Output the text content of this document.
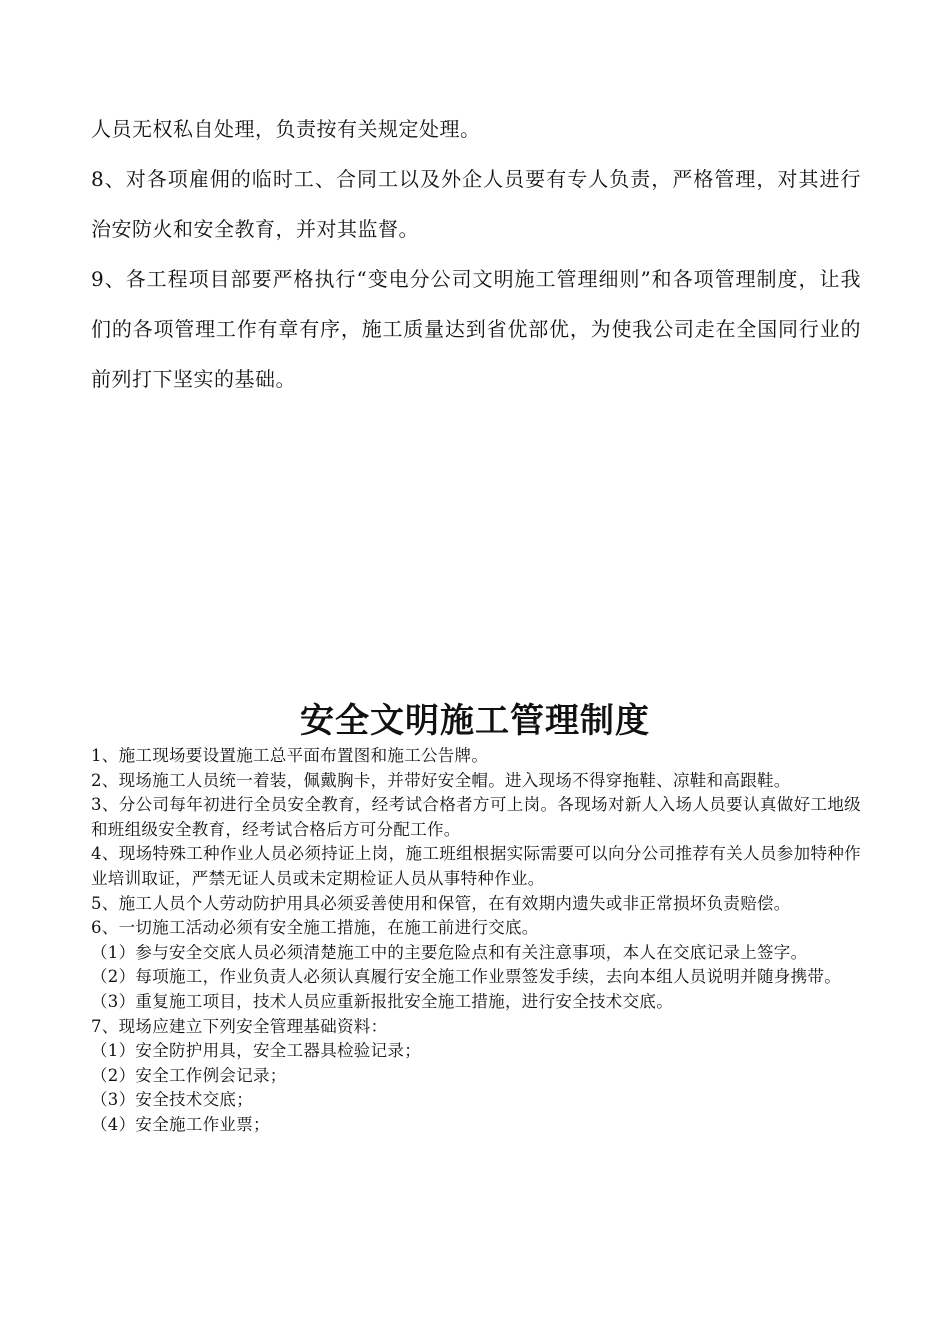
人员无权私自处理，负责按有关规定处理。

8、对各项雇佣的临时工、合同工以及外企人员要有专人负责，严格管理，对其进行治安防火和安全教育，并对其监督。

9、各工程项目部要严格执行“变电分公司文明施工管理细则”和各项管理制度，让我们的各项管理工作有章有序，施工质量达到省优部优，为使我公司走在全国同行业的前列打下坚实的基础。

安全文明施工管理制度

1、施工现场要设置施工总平面布置图和施工公告牌。

2、现场施工人员统一着装，佩戴胸卡，并带好安全帽。进入现场不得穿拖鞋、凉鞋和高跟鞋。

3、分公司每年初进行全员安全教育，经考试合格者方可上岗。各现场对新人入场人员要认真做好工地级和班组级安全教育，经考试合格后方可分配工作。

4、现场特殊工种作业人员必须持证上岗，施工班组根据实际需要可以向分公司推荐有关人员参加特种作业培训取证，严禁无证人员或未定期检证人员从事特种作业。

5、施工人员个人劳动防护用具必须妥善使用和保管，在有效期内遗失或非正常损坏负责赔偿。

6、一切施工活动必须有安全施工措施，在施工前进行交底。

（1）参与安全交底人员必须清楚施工中的主要危险点和有关注意事项，本人在交底记录上签字。

（2）每项施工，作业负责人必须认真履行安全施工作业票签发手续，去向本组人员说明并随身携带。

（3）重复施工项目，技术人员应重新报批安全施工措施，进行安全技术交底。

7、现场应建立下列安全管理基础资料：

（1）安全防护用具，安全工器具检验记录；

（2）安全工作例会记录；

（3）安全技术交底；

（4）安全施工作业票；
